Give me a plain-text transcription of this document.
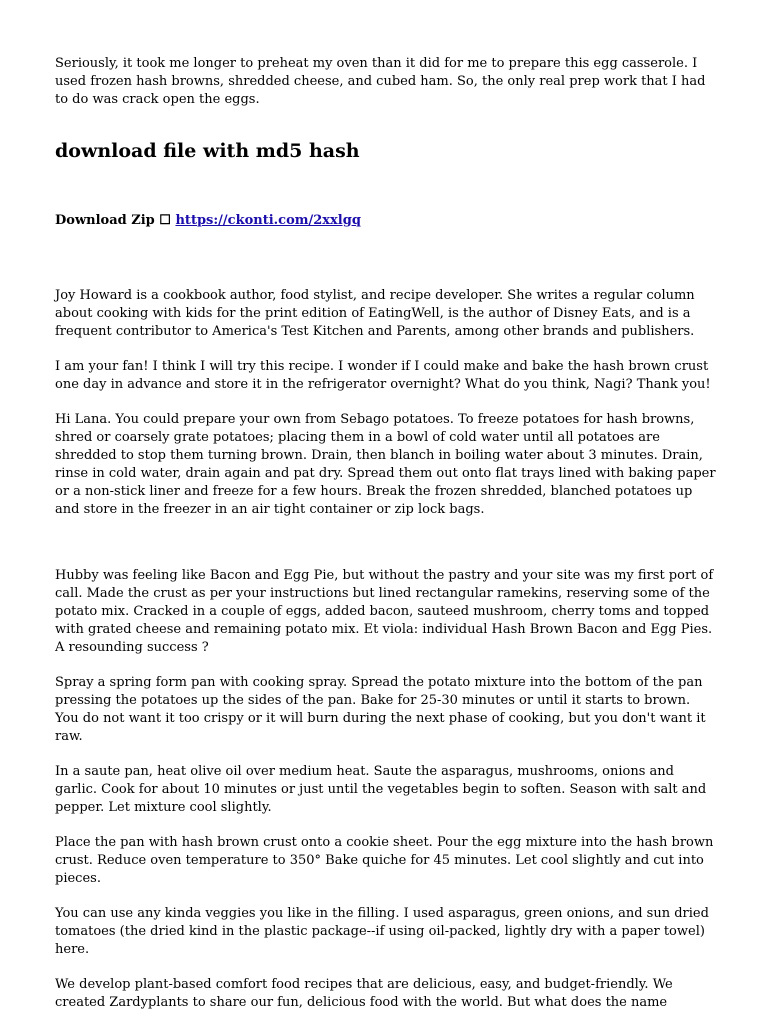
Seriously, it took me longer to preheat my oven than it did for me to prepare this egg casserole. I used frozen hash browns, shredded cheese, and cubed ham. So, the only real prep work that I had to do was crack open the eggs.

download file with md5 hash
Download Zip ☐ https://ckonti.com/2xxlgq

Joy Howard is a cookbook author, food stylist, and recipe developer. She writes a regular column about cooking with kids for the print edition of EatingWell, is the author of Disney Eats, and is a frequent contributor to America's Test Kitchen and Parents, among other brands and publishers.

I am your fan! I think I will try this recipe. I wonder if I could make and bake the hash brown crust one day in advance and store it in the refrigerator overnight? What do you think, Nagi? Thank you!

Hi Lana. You could prepare your own from Sebago potatoes. To freeze potatoes for hash browns, shred or coarsely grate potatoes; placing them in a bowl of cold water until all potatoes are shredded to stop them turning brown. Drain, then blanch in boiling water about 3 minutes. Drain, rinse in cold water, drain again and pat dry. Spread them out onto flat trays lined with baking paper or a non-stick liner and freeze for a few hours. Break the frozen shredded, blanched potatoes up and store in the freezer in an air tight container or zip lock bags.

Hubby was feeling like Bacon and Egg Pie, but without the pastry and your site was my first port of call. Made the crust as per your instructions but lined rectangular ramekins, reserving some of the potato mix. Cracked in a couple of eggs, added bacon, sauteed mushroom, cherry toms and topped with grated cheese and remaining potato mix. Et viola: individual Hash Brown Bacon and Egg Pies. A resounding success ?

Spray a spring form pan with cooking spray. Spread the potato mixture into the bottom of the pan pressing the potatoes up the sides of the pan. Bake for 25-30 minutes or until it starts to brown. You do not want it too crispy or it will burn during the next phase of cooking, but you don't want it raw.

In a saute pan, heat olive oil over medium heat. Saute the asparagus, mushrooms, onions and garlic. Cook for about 10 minutes or just until the vegetables begin to soften. Season with salt and pepper. Let mixture cool slightly.

Place the pan with hash brown crust onto a cookie sheet. Pour the egg mixture into the hash brown crust. Reduce oven temperature to 350° Bake quiche for 45 minutes. Let cool slightly and cut into pieces.

You can use any kinda veggies you like in the filling. I used asparagus, green onions, and sun dried tomatoes (the dried kind in the plastic package--if using oil-packed, lightly dry with a paper towel) here.

We develop plant-based comfort food recipes that are delicious, easy, and budget-friendly. We created Zardyplants to share our fun, delicious food with the world. But what does the name
